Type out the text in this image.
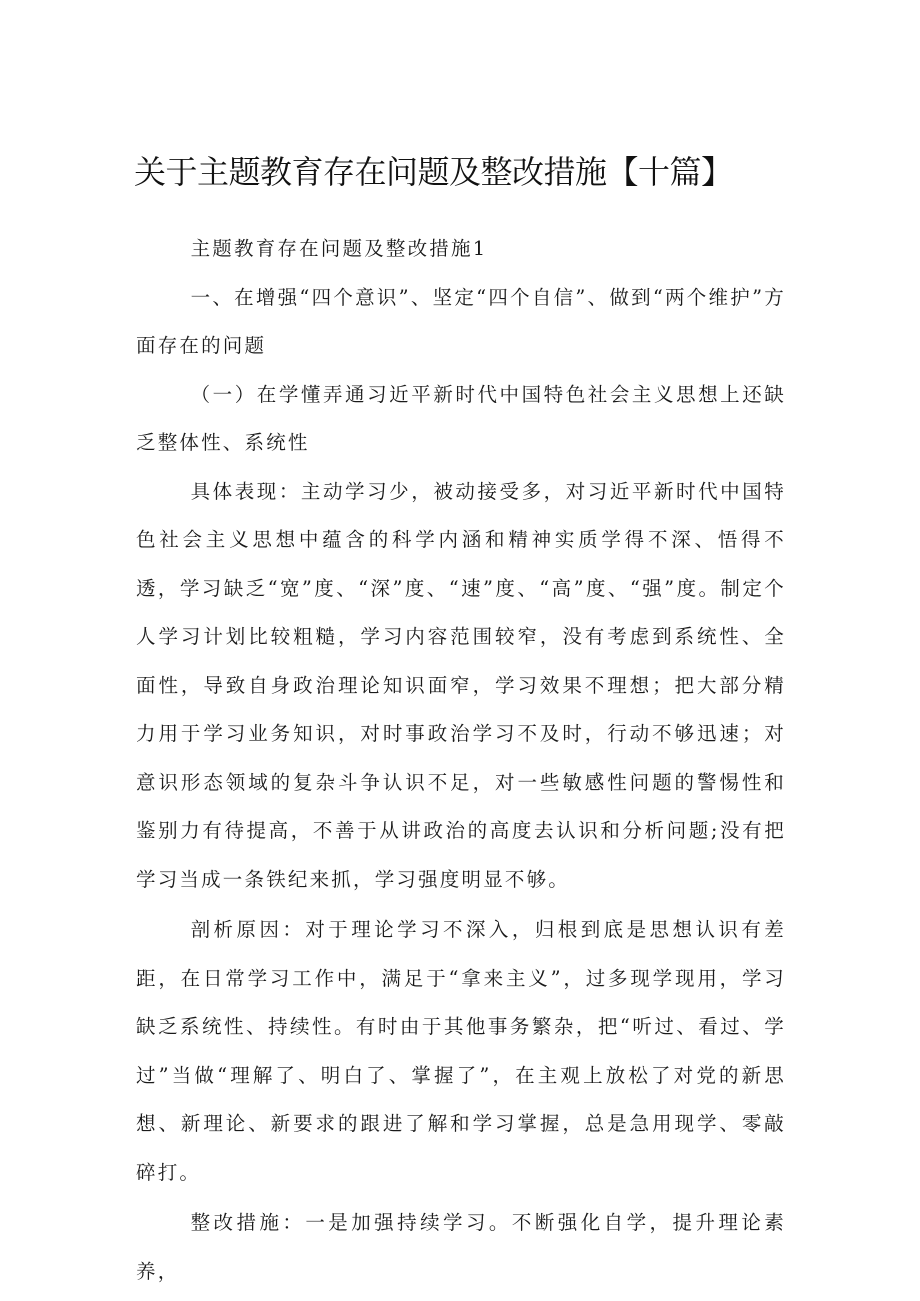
关于主题教育存在问题及整改措施【十篇】

主题教育存在问题及整改措施1

一、在增强“四个意识”、坚定“四个自信”、做到“两个维护”方面存在的问题

（一）在学懂弄通习近平新时代中国特色社会主义思想上还缺乏整体性、系统性

具体表现：主动学习少，被动接受多，对习近平新时代中国特色社会主义思想中蕴含的科学内涵和精神实质学得不深、悟得不透，学习缺乏“宽”度、“深”度、“速”度、“高”度、“强”度。制定个人学习计划比较粗糙，学习内容范围较窄，没有考虑到系统性、全面性，导致自身政治理论知识面窄，学习效果不理想；把大部分精力用于学习业务知识，对时事政治学习不及时，行动不够迅速；对意识形态领域的复杂斗争认识不足，对一些敏感性问题的警惕性和鉴别力有待提高，不善于从讲政治的高度去认识和分析问题;没有把学习当成一条铁纪来抓，学习强度明显不够。

剖析原因：对于理论学习不深入，归根到底是思想认识有差距，在日常学习工作中，满足于“拿来主义”，过多现学现用，学习缺乏系统性、持续性。有时由于其他事务繁杂，把“听过、看过、学过”当做“理解了、明白了、掌握了”，在主观上放松了对党的新思想、新理论、新要求的跟进了解和学习掌握，总是急用现学、零敲碎打。

整改措施：一是加强持续学习。不断强化自学，提升理论素养，
